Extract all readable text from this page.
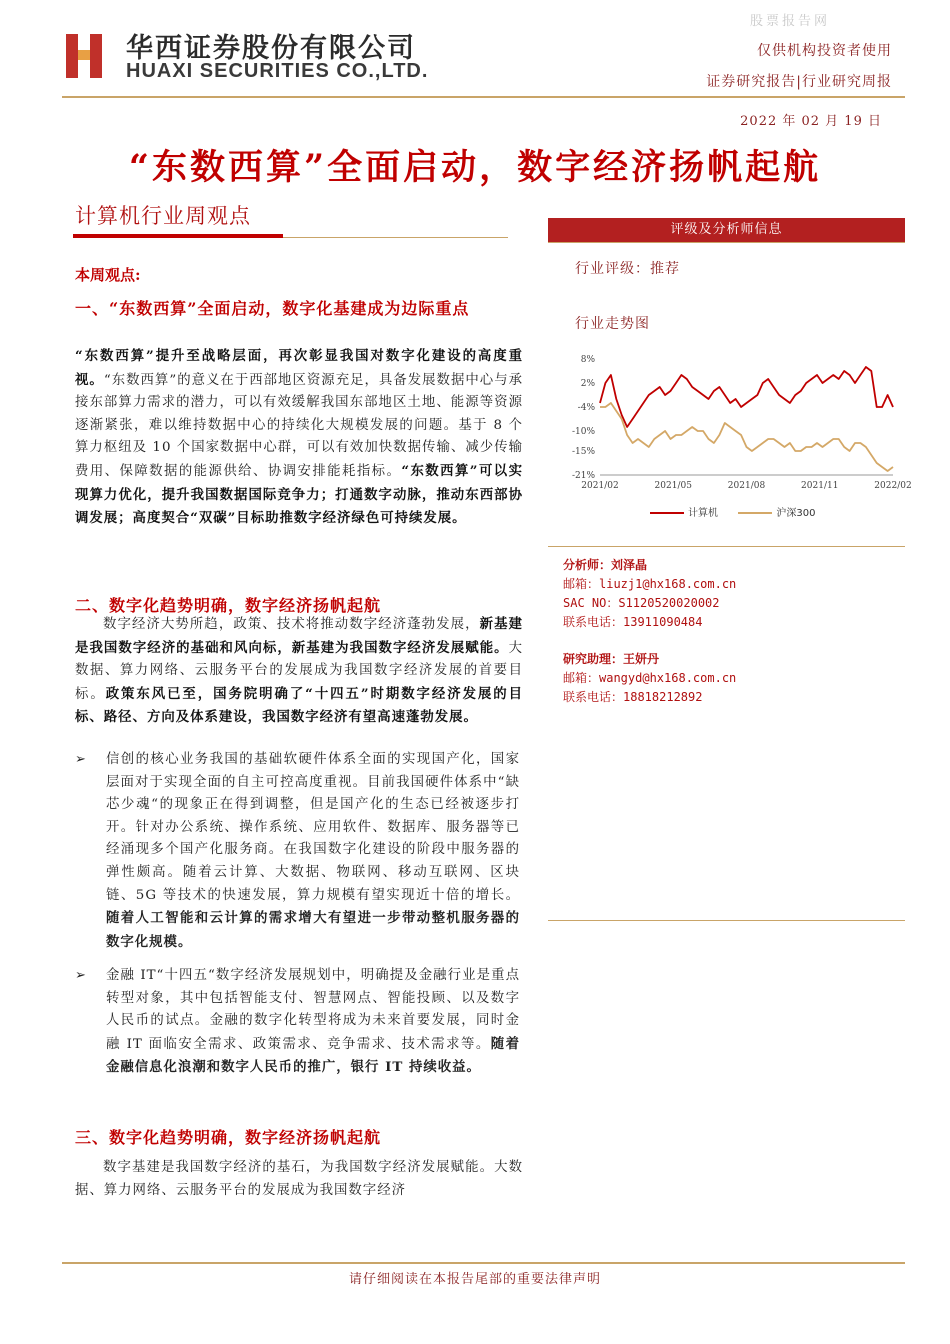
华西证券股份有限公司
HUAXI SECURITIES CO.,LTD.
股票报告网
仅供机构投资者使用
证券研究报告|行业研究周报
2022 年 02 月 19 日
“东数西算”全面启动，数字经济扬帆起航
计算机行业周观点
本周观点:
一、“东数西算”全面启动，数字化基建成为边际重点
“东数西算”提升至战略层面，再次彰显我国对数字化建设的高度重视。“东数西算”的意义在于西部地区资源充足，具备发展数据中心与承接东部算力需求的潜力，可以有效缓解我国东部地区土地、能源等资源逐渐紧张，难以维持数据中心的持续化大规模发展的问题。基于 8 个算力枢纽及 10 个国家数据中心群，可以有效加快数据传输、减少传输费用、保障数据的能源供给、协调安排能耗指标。“东数西算”可以实现算力优化，提升我国数据国际竞争力；打通数字动脉，推动东西部协调发展；高度契合“双碳”目标助推数字经济绿色可持续发展。
二、数字化趋势明确，数字经济扬帆起航
数字经济大势所趋，政策、技术将推动数字经济蓬勃发展，新基建是我国数字经济的基础和风向标，新基建为我国数字经济发展赋能。大数据、算力网络、云服务平台的发展成为我国数字经济发展的首要目标。政策东风已至，国务院明确了“十四五”时期数字经济发展的目标、路径、方向及体系建设，我国数字经济有望高速蓬勃发展。
➢ 信创的核心业务我国的基础软硬件体系全面的实现国产化，国家层面对于实现全面的自主可控高度重视。目前我国硬件体系中“缺芯少魂“的现象正在得到调整，但是国产化的生态已经被逐步打开。针对办公系统、操作系统、应用软件、数据库、服务器等已经涌现多个国产化服务商。在我国数字化建设的阶段中服务器的弹性颇高。随着云计算、大数据、物联网、移动互联网、区块链、5G 等技术的快速发展，算力规模有望实现近十倍的增长。随着人工智能和云计算的需求增大有望进一步带动整机服务器的数字化规模。
➢ 金融 IT“十四五“数字经济发展规划中，明确提及金融行业是重点转型对象，其中包括智能支付、智慧网点、智能投顾、以及数字人民币的试点。金融的数字化转型将成为未来首要发展，同时金融 IT 面临安全需求、政策需求、竞争需求、技术需求等。随着金融信息化浪潮和数字人民币的推广，银行 IT 持续收益。
三、数字化趋势明确，数字经济扬帆起航
数字基建是我国数字经济的基石，为我国数字经济发展赋能。大数据、算力网络、云服务平台的发展成为我国数字经济
评级及分析师信息
行业评级：推荐
行业走势图
8%
2%
-4%
-10%
-15%
-21%
2021/02	2021/05	2021/08	2021/11	2022/02
计算机	沪深300
分析师：刘泽晶
邮箱：liuzj1@hx168.com.cn
SAC NO：S1120520020002
联系电话：13911090484
研究助理：王妍丹
邮箱：wangyd@hx168.com.cn
联系电话：18818212892
请仔细阅读在本报告尾部的重要法律声明
